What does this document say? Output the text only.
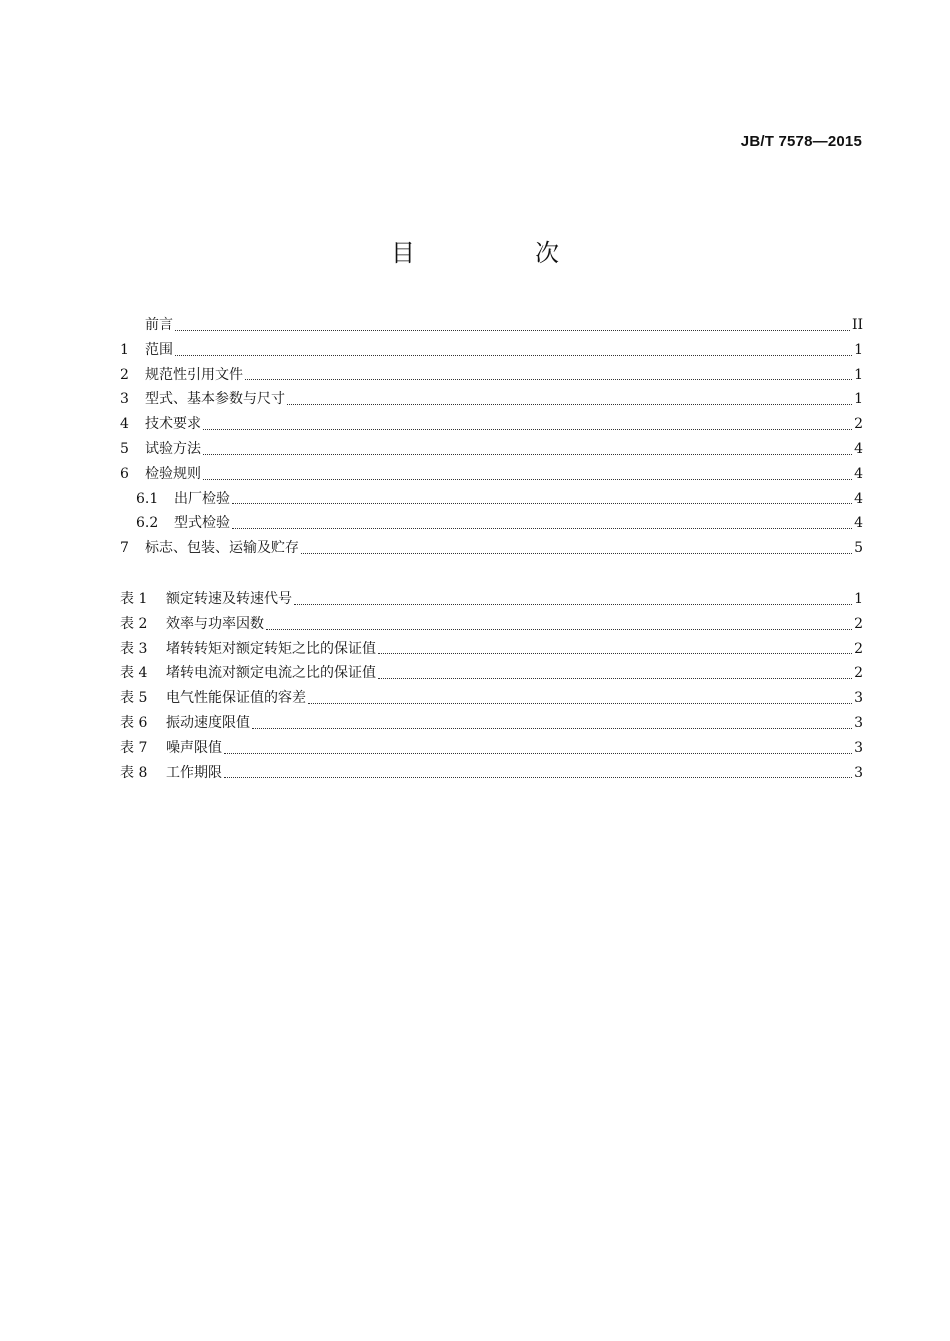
JB/T 7578—2015
目　次
前言	II
1	范围	1
2	规范性引用文件	1
3	型式、基本参数与尺寸	1
4	技术要求	2
5	试验方法	4
6	检验规则	4
6.1	出厂检验	4
6.2	型式检验	4
7	标志、包装、运输及贮存	5
表 1	额定转速及转速代号	1
表 2	效率与功率因数	2
表 3	堵转转矩对额定转矩之比的保证值	2
表 4	堵转电流对额定电流之比的保证值	2
表 5	电气性能保证值的容差	3
表 6	振动速度限值	3
表 7	噪声限值	3
表 8	工作期限	3
